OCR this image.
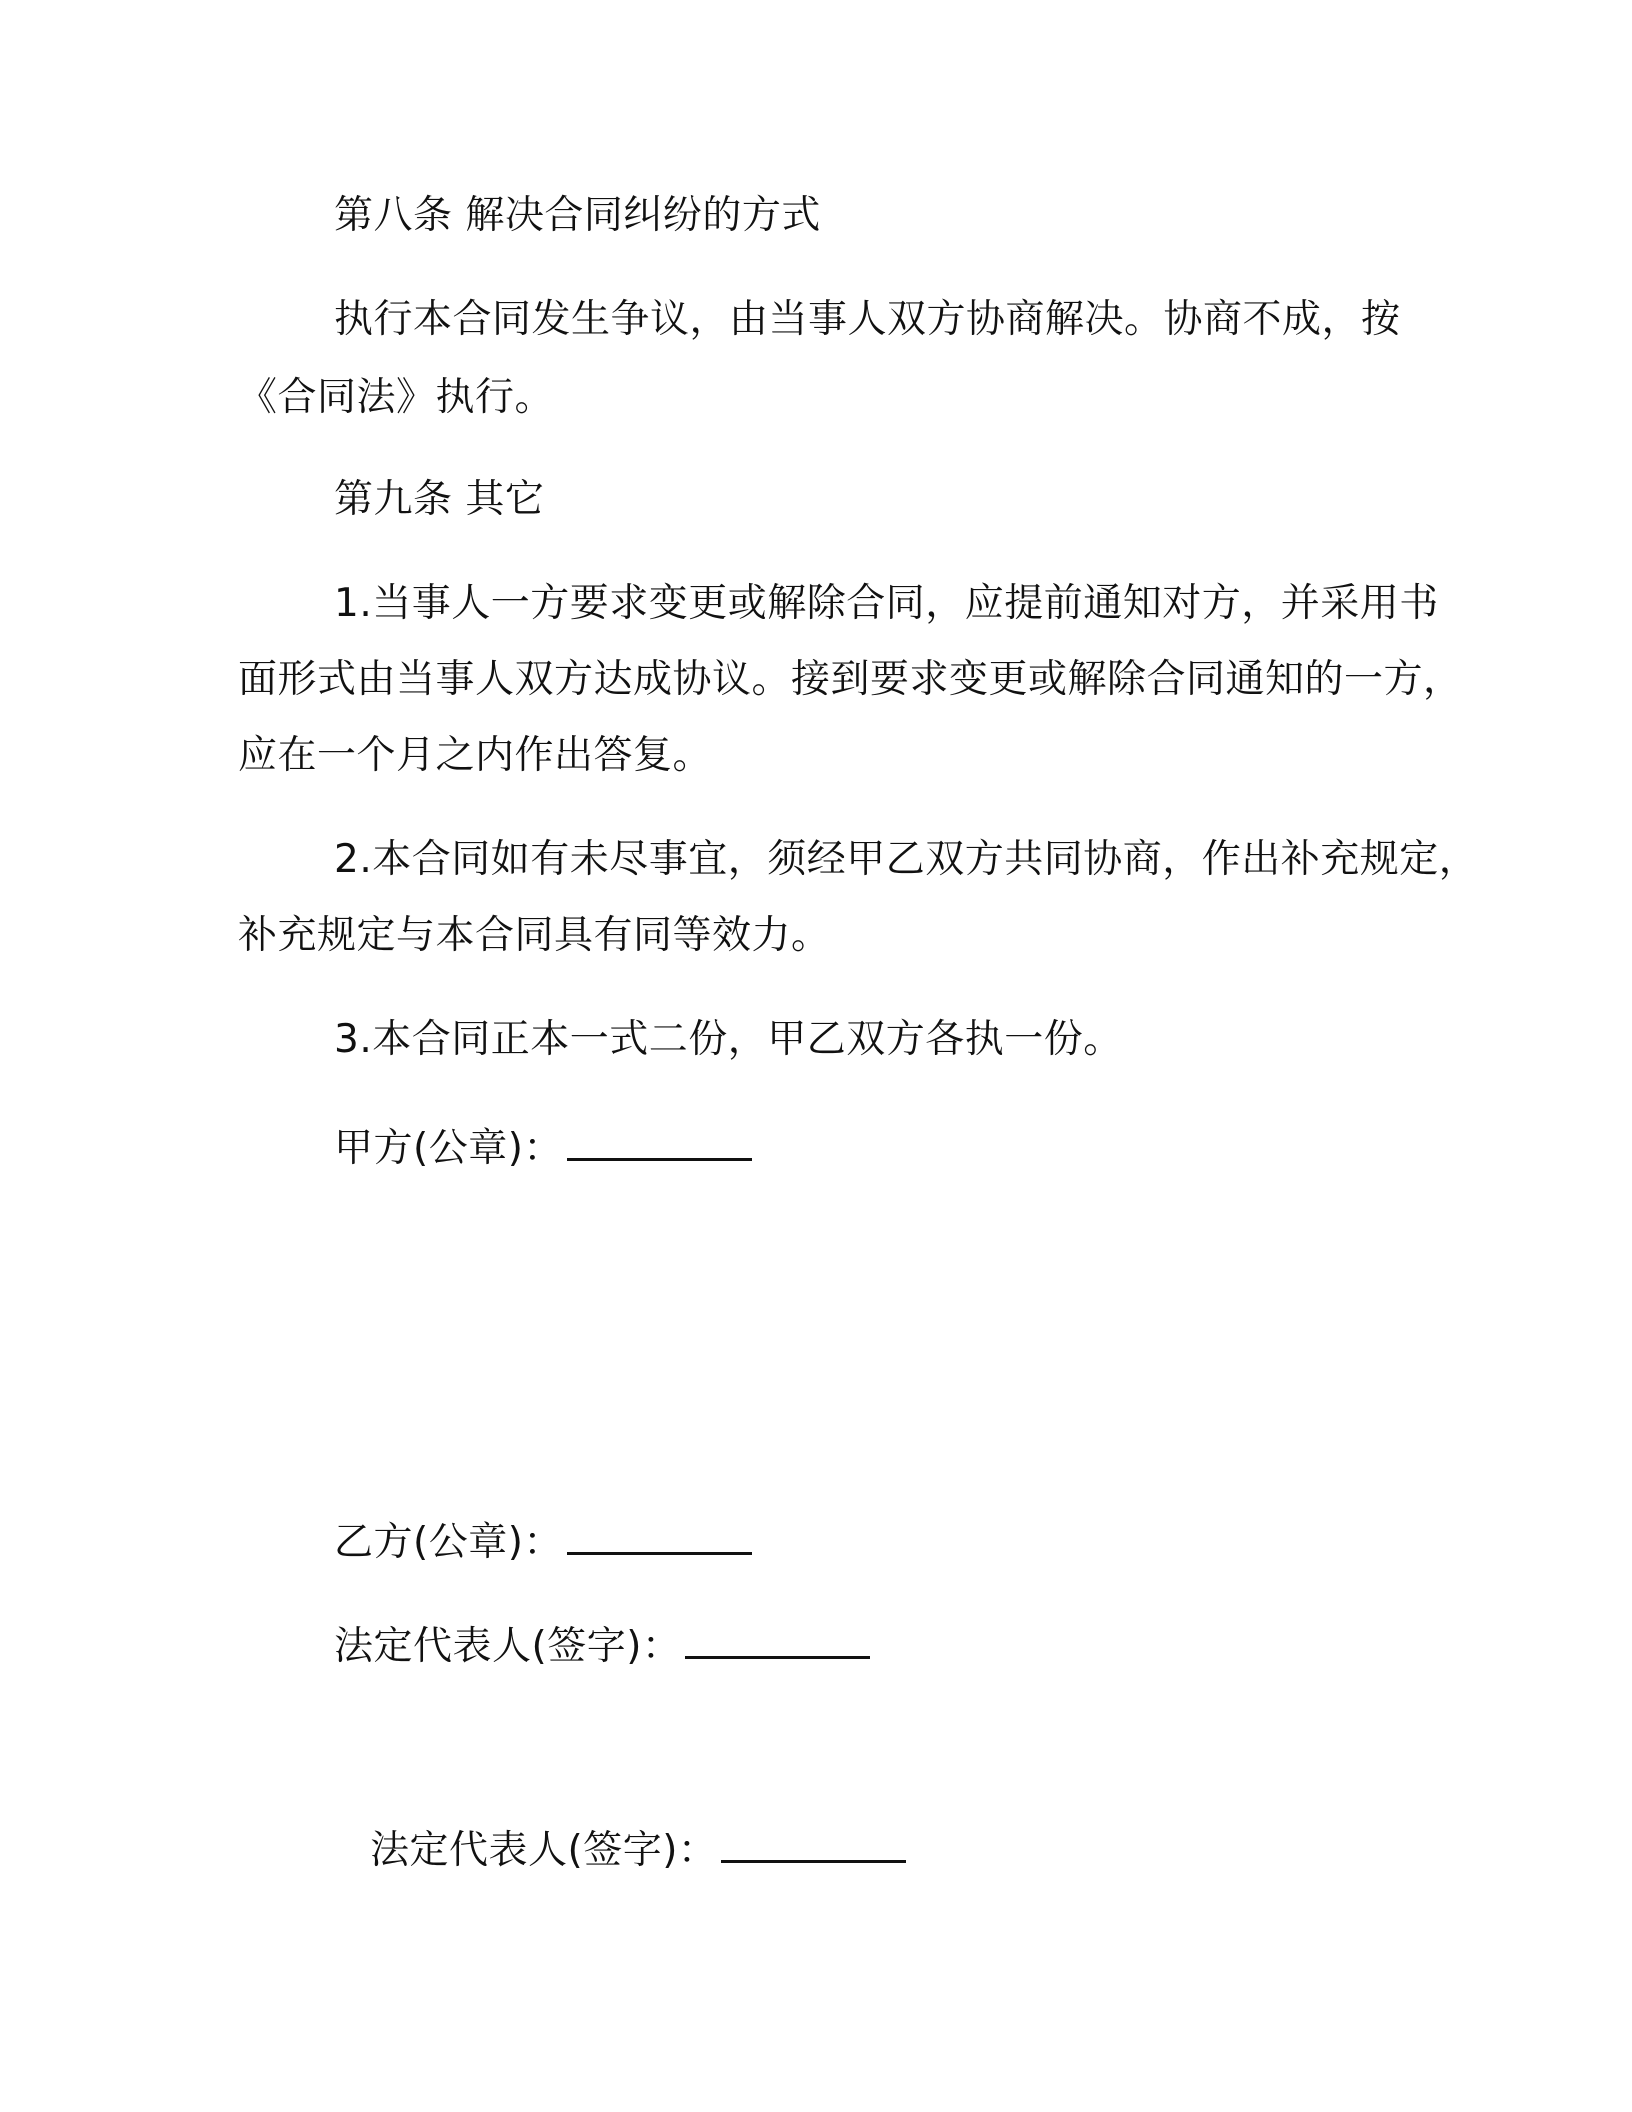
第八条 解决合同纠纷的方式
执行本合同发生争议，由当事人双方协商解决。协商不成，按
《合同法》执行。
第九条 其它
1.当事人一方要求变更或解除合同，应提前通知对方，并采用书
面形式由当事人双方达成协议。接到要求变更或解除合同通知的一方，
应在一个月之内作出答复。
2.本合同如有未尽事宜，须经甲乙双方共同协商，作出补充规定，
补充规定与本合同具有同等效力。
3.本合同正本一式二份，甲乙双方各执一份。
甲方(公章)：
乙方(公章)：
法定代表人(签字)：
法定代表人(签字)：
